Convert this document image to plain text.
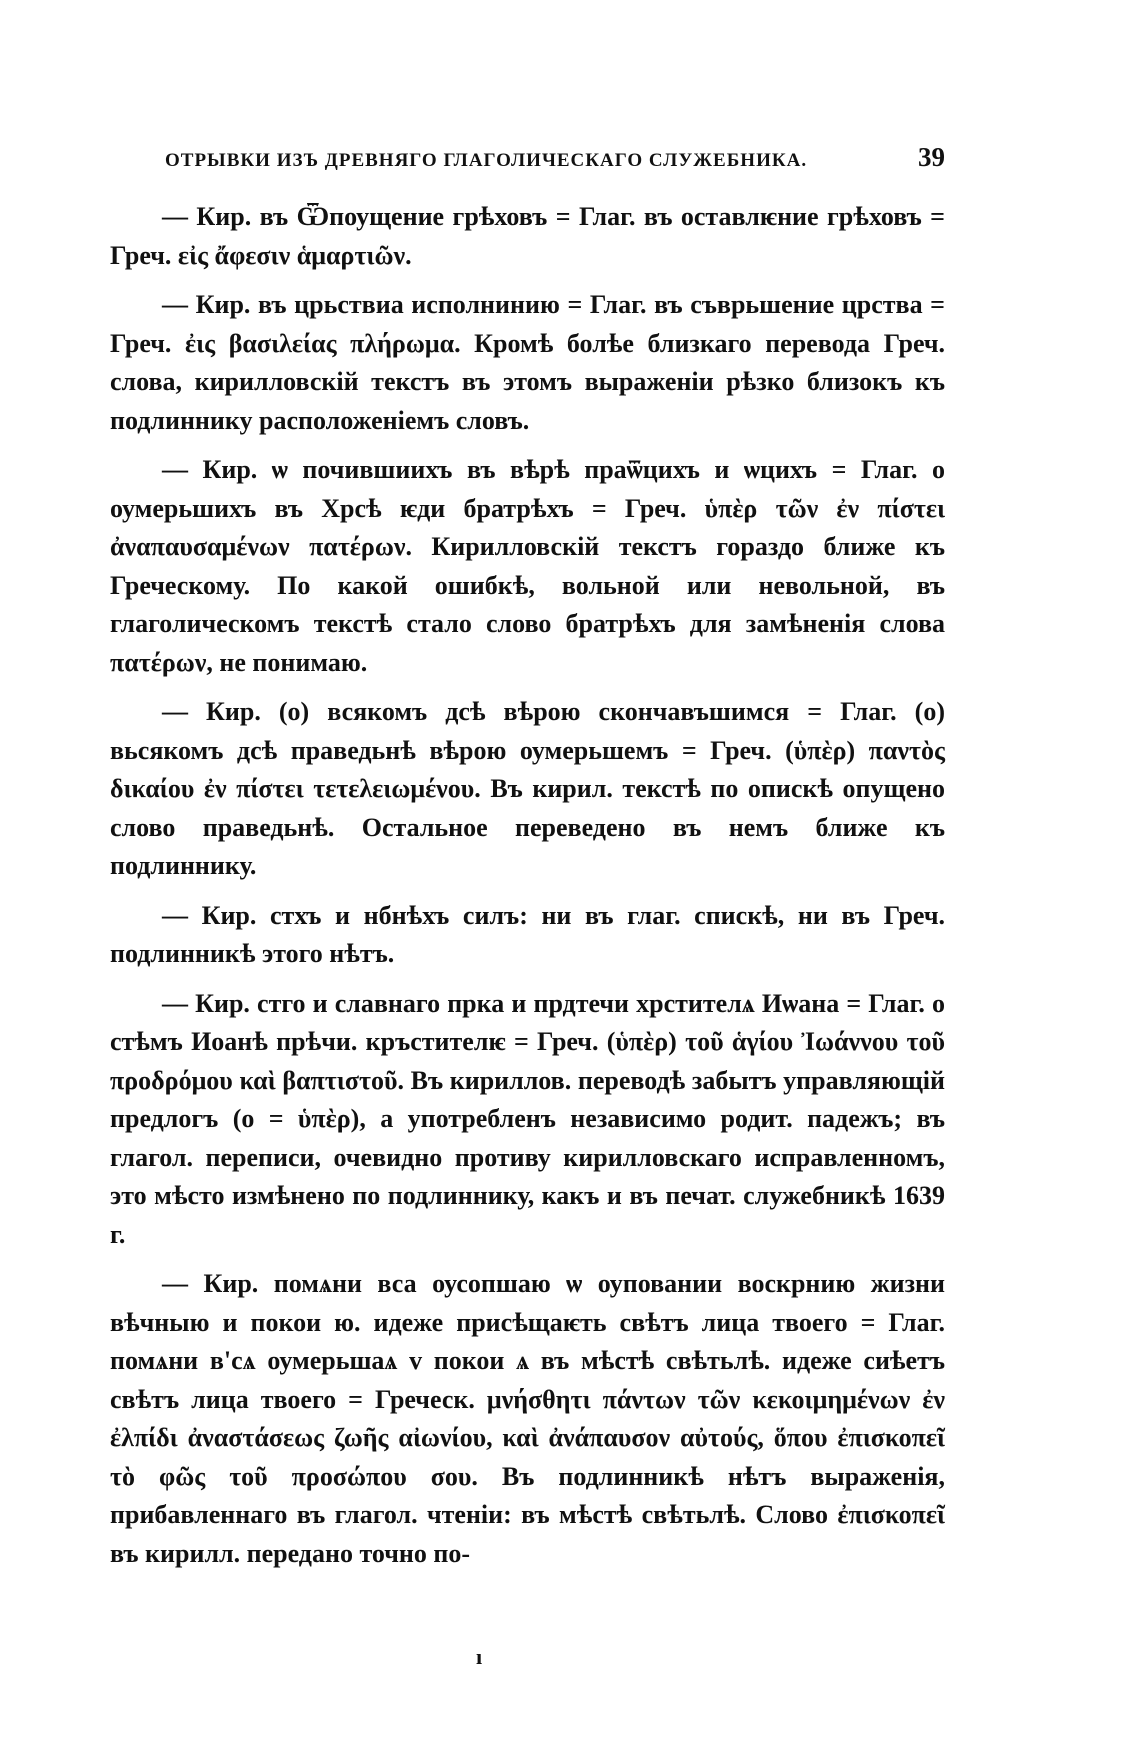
ОТРЫВКИ ИЗЪ ДРЕВНЯГО ГЛАГОЛИЧЕСКАГО СЛУЖЕБНИКА.	39

— Кир. въ Ѿпоущение грѣховъ = Глаг. въ оставлѥние грѣховъ = Греч. εἰς ἄφεσιν ἁμαρτιῶν.

— Кир. въ црьствиа исполнинию = Глаг. въ съврьшение црства = Греч. ἐις βασιλείας πλήρωμα. Кромѣ болѣе близкаго перевода Греч. слова, кирилловскій текстъ въ этомъ выраженіи рѣзко близокъ къ подлиннику расположеніемъ словъ.

— Кир. ѡ почившиихъ въ вѣрѣ праѿцихъ и ѡцихъ = Глаг. о оумерьшихъ въ Хрсѣ ѥди братрѣхъ = Греч. ὑπὲρ τῶν ἐν πίστει ἀναπαυσαμένων πατέρων. Кирилловскій текстъ гораздо ближе къ Греческому. По какой ошибкѣ, вольной или невольной, въ глаголическомъ текстѣ стало слово братрѣхъ для замѣненія слова πατέρων, не понимаю.

— Кир. (о) всякомъ дсѣ вѣрою скончавъшимся = Глаг. (о) вьсякомъ дсѣ праведьнѣ вѣрою оумерьшемъ = Греч. (ὑπὲρ) παντὸς δικαίου ἐν πίστει τετελειωμένου. Въ кирил. текстѣ по опискѣ опущено слово праведьнѣ. Остальное переведено въ немъ ближе къ подлиннику.

— Кир. стхъ и нбнѣхъ силъ: ни въ глаг. спискѣ, ни въ Греч. подлинникѣ этого нѣтъ.

— Кир. стго и славнаго прка и прдтечи хрстителѧ Иѡана = Глаг. о стѣмъ Иоанѣ прѣчи. кръстителѥ = Греч. (ὑπὲρ) τοῦ ἁγίου Ἰωάννου τοῦ προδρόμου καὶ βαπτιστοῦ. Въ кириллов. переводѣ забытъ управляющій предлогъ (о = ὑπὲρ), а употребленъ независимо родит. падежъ; въ глагол. переписи, очевидно противу кирилловскаго исправленномъ, это мѣсто измѣнено по подлиннику, какъ и въ печат. служебникѣ 1639 г.

— Кир. помѧни вса оусопшаю ѡ оуповании воскрнию жизни вѣчныю и покои ю. идеже присѣщаѥть свѣтъ лица твоего = Глаг. помѧни в'сѧ оумерьшаѧ v покои ѧ въ мѣстѣ свѣтьлѣ. идеже сиѣетъ свѣтъ лица твоего = Греческ. μνήσθητι πάντων τῶν κεκοιμημένων ἐν ἐλπίδι ἀναστάσεως ζωῆς αἰωνίου, καὶ ἀνάπαυσον αὐτούς, ὅπου ἐπισκοπεῖ τὸ φῶς τοῦ προσώπου σου. Въ подлинникѣ нѣтъ выраженія, прибавленнаго въ глагол. чтеніи: въ мѣстѣ свѣтьлѣ. Слово ἐπισκοπεῖ въ кирилл. передано точно по-

ı
